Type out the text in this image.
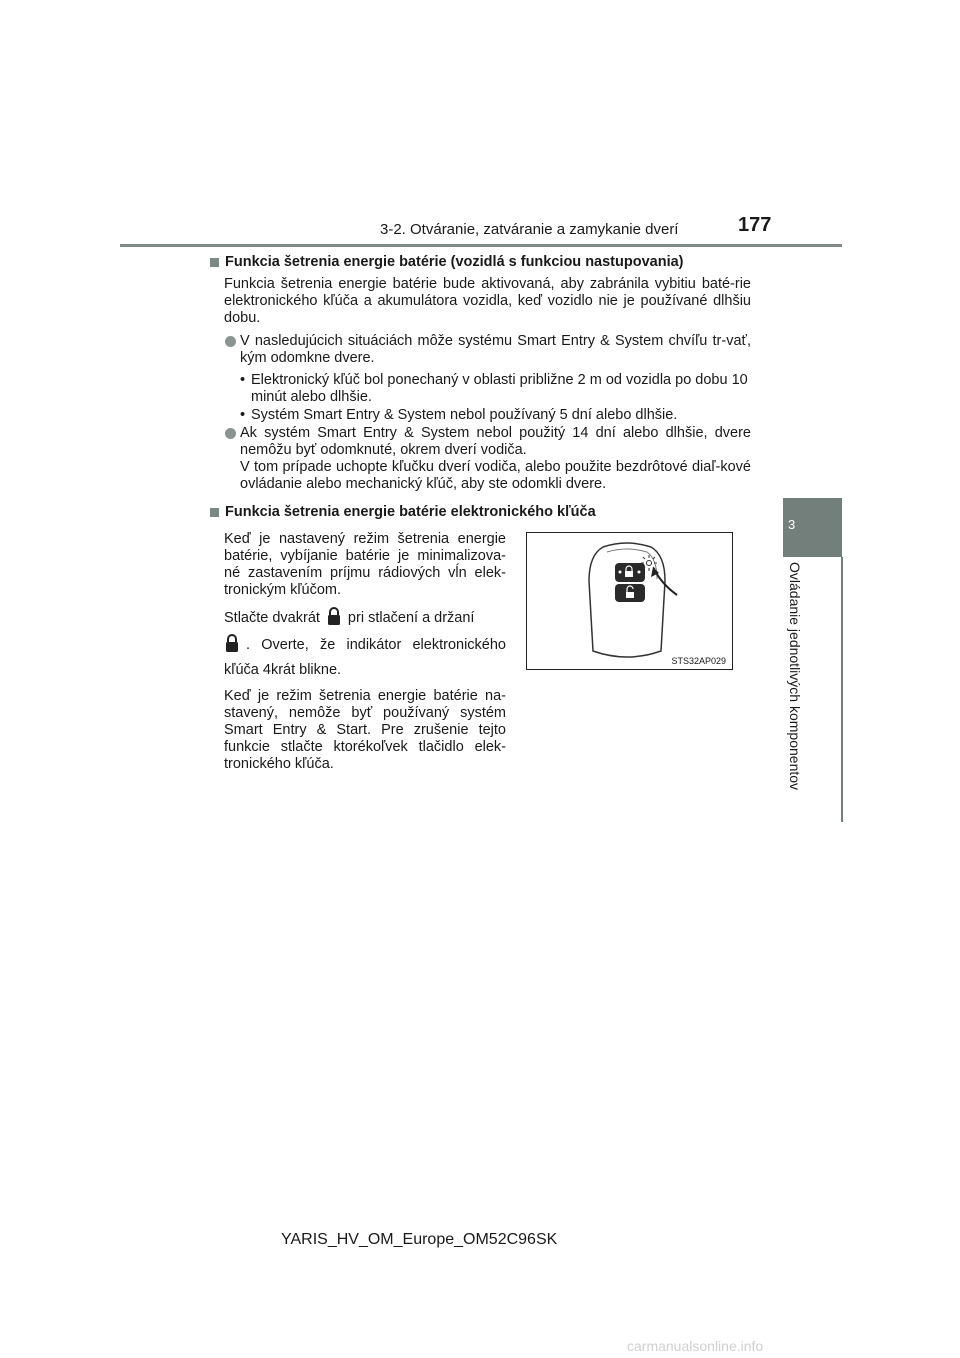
3-2. Otváranie, zatváranie a zamykanie dverí	177
3
Ovládanie jednotlivých komponentov

Funkcia šetrenia energie batérie (vozidlá s funkciou nastupovania)

Funkcia šetrenia energie batérie bude aktivovaná, aby zabránila vybitiu baté-rie elektronického kľúča a akumulátora vozidla, keď vozidlo nie je používané dlhšiu dobu.

V nasledujúcich situáciách môže systému Smart Entry & System chvíľu tr-vať, kým odomkne dvere.

• Elektronický kľúč bol ponechaný v oblasti približne 2 m od vozidla po dobu 10 minút alebo dlhšie.

• Systém Smart Entry & System nebol používaný 5 dní alebo dlhšie.

Ak systém Smart Entry & System nebol použitý 14 dní alebo dlhšie, dvere nemôžu byť odomknuté, okrem dverí vodiča.
V tom prípade uchopte kľučku dverí vodiča, alebo použite bezdrôtové diaľ-kové ovládanie alebo mechanický kľúč, aby ste odomkli dvere.

Funkcia šetrenia energie batérie elektronického kľúča

Keď je nastavený režim šetrenia energie batérie, vybíjanie batérie je minimalizova-né zastavením príjmu rádiových vĺn elek-tronickým kľúčom.

Stlačte dvakrát pri stlačení a držaní
. Overte, že indikátor elektronického kľúča 4krát blikne.

Keď je režim šetrenia energie batérie na-stavený, nemôže byť používaný systém Smart Entry & Start. Pre zrušenie tejto funkcie stlačte ktorékoľvek tlačidlo elek-tronického kľúča.

STS32AP029
YARIS_HV_OM_Europe_OM52C96SK
carmanualsonline.info
